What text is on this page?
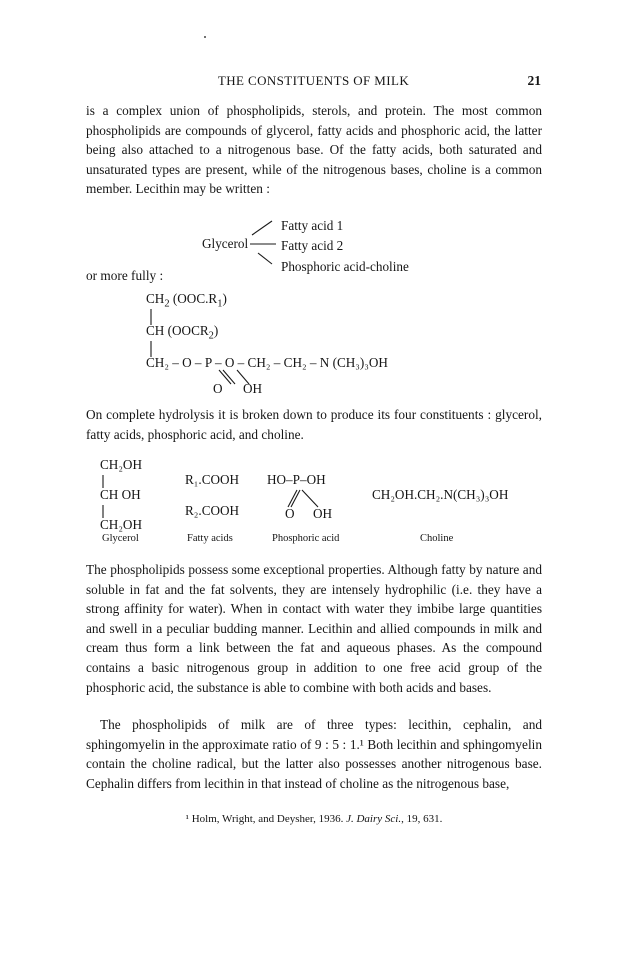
THE CONSTITUENTS OF MILK	21

is a complex union of phospholipids, sterols, and protein. The most common phospholipids are compounds of glycerol, fatty acids and phosphoric acid, the latter being also attached to a nitrogenous base. Of the fatty acids, both saturated and unsaturated types are present, while of the nitrogenous bases, choline is a common member. Lecithin may be written :

Glycerol
Fatty acid 1
Fatty acid 2
Phosphoric acid-choline

or more fully :

$CH_2$ $(OOC.R_1)$
CH $(OOCR_2)$
CH₂ – O – P – O – CH₂ – CH₂ – N (CH₃)₃OH
O OH

On complete hydrolysis it is broken down to produce its four constituents : glycerol, fatty acids, phosphoric acid, and choline.

CH₂OH
CH OH
CH₂OH
Glycerol
R₁.COOH
R₂.COOH
Fatty acids
HO–P–OH
O OH
Phosphoric acid
CH₂OH.CH₂.N(CH₃)₃OH
Choline

The phospholipids possess some exceptional properties. Although fatty by nature and soluble in fat and the fat solvents, they are intensely hydrophilic (i.e. they have a strong affinity for water). When in contact with water they imbibe large quantities and swell in a peculiar budding manner. Lecithin and allied compounds in milk and cream thus form a link between the fat and aqueous phases. As the compound contains a basic nitrogenous group in addition to one free acid group of the phosphoric acid, the substance is able to combine with both acids and bases.

The phospholipids of milk are of three types: lecithin, cephalin, and sphingomyelin in the approximate ratio of 9 : 5 : 1.¹ Both lecithin and sphingomyelin contain the choline radical, but the latter also possesses another nitrogenous base. Cephalin differs from lecithin in that instead of choline as the nitrogenous base,

¹ Holm, Wright, and Deysher, 1936. J. Dairy Sci., 19, 631.
